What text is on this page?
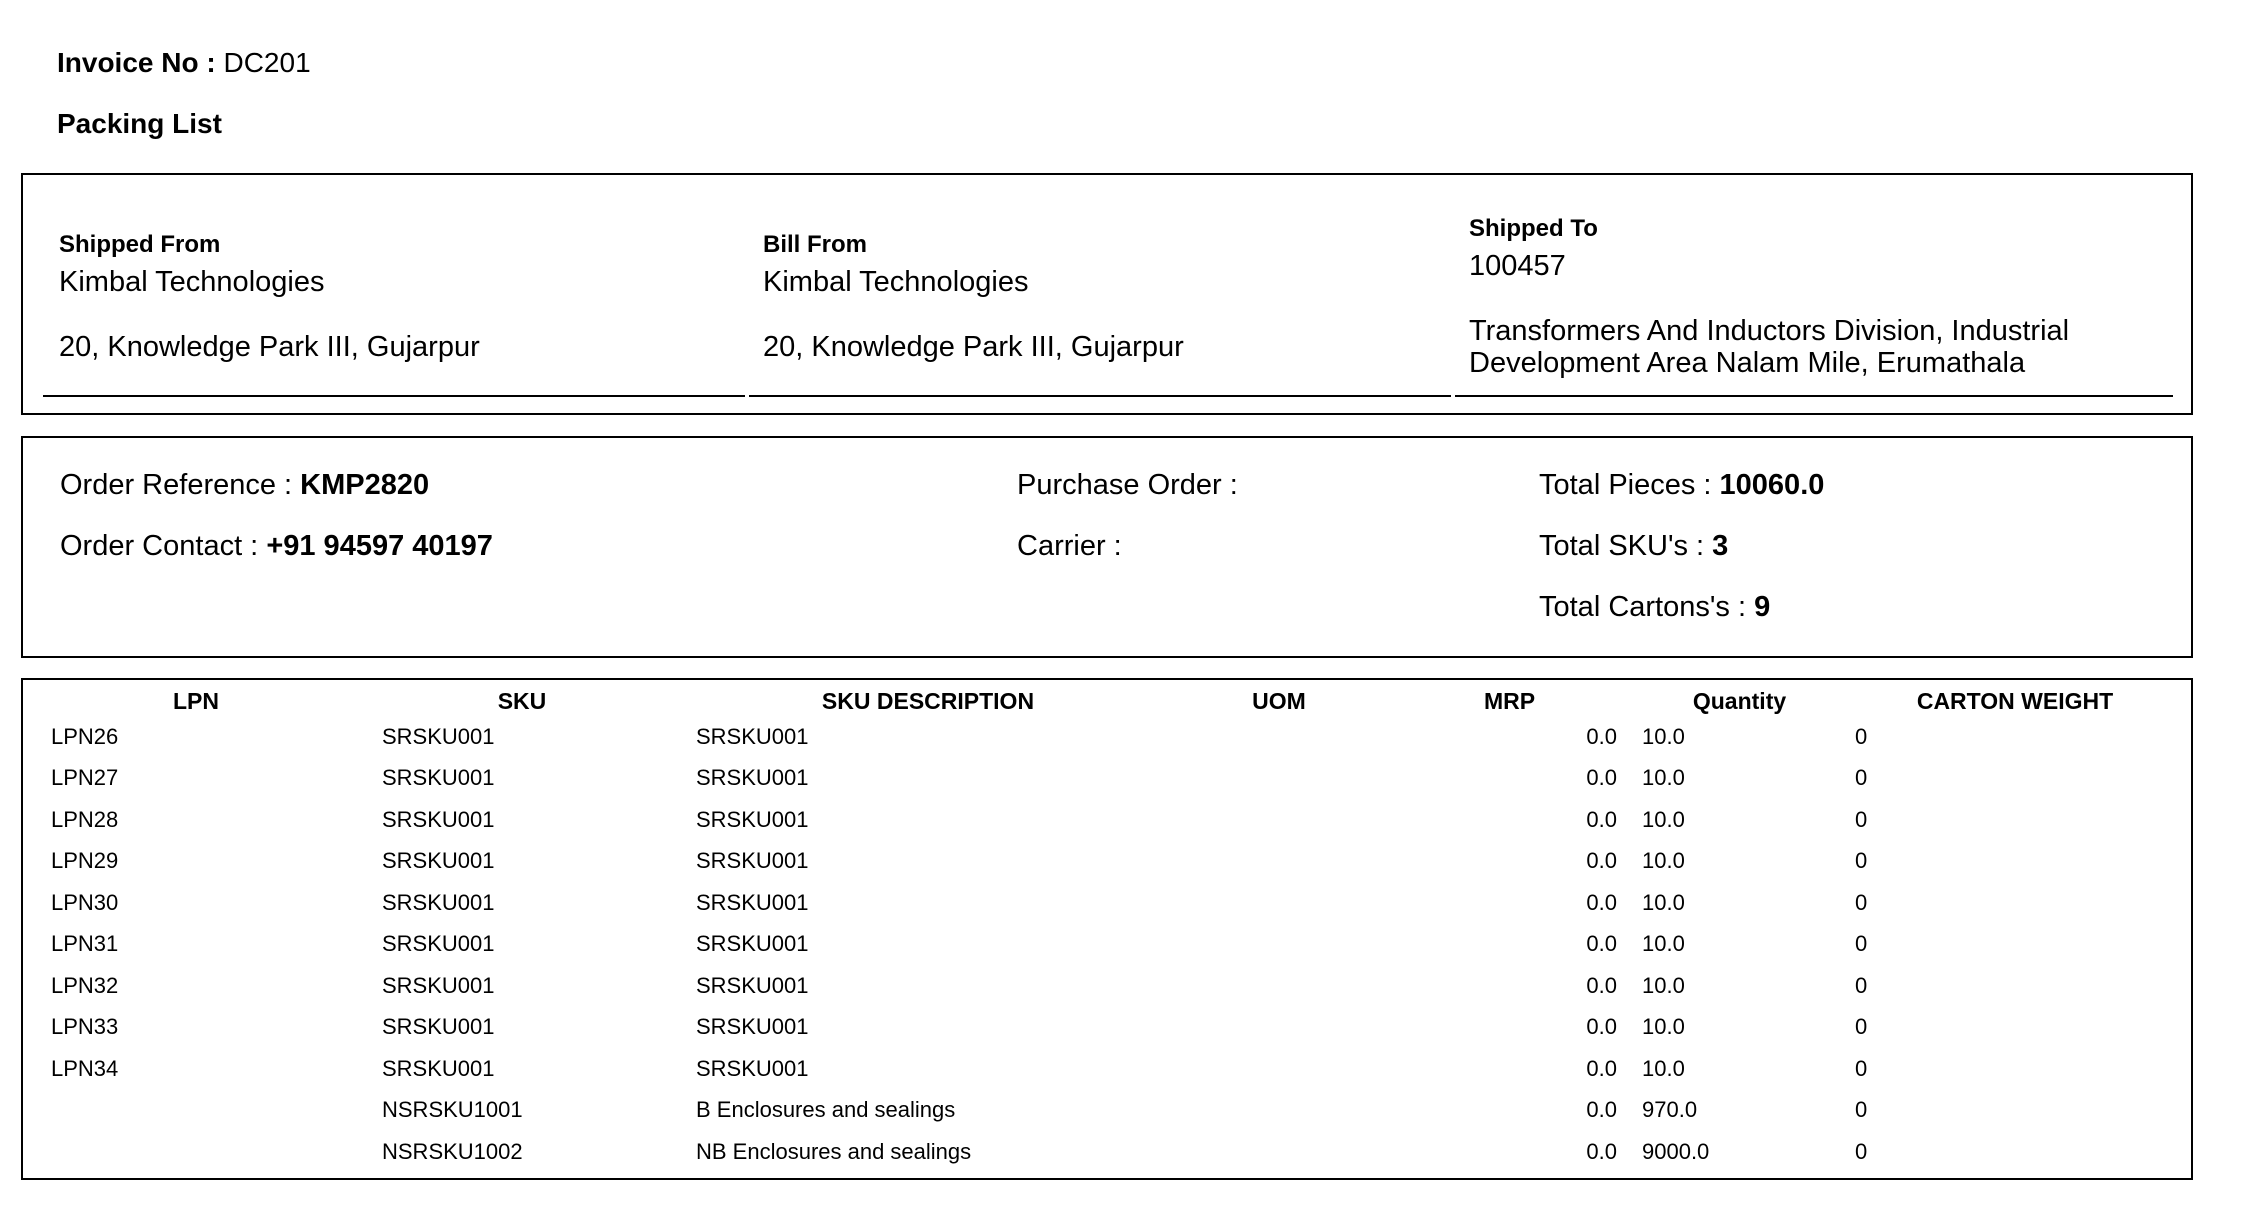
Invoice No : DC201
Packing List
Shipped From
Kimbal Technologies
20, Knowledge Park III, Gujarpur
Bill From
Kimbal Technologies
20, Knowledge Park III, Gujarpur
Shipped To
100457
Transformers And Inductors Division, Industrial Development Area Nalam Mile, Erumathala
Order Reference : KMP2820
Order Contact : +91 94597 40197
Purchase Order :
Carrier :
Total Pieces : 10060.0
Total SKU's : 3
Total Cartons's : 9
LPN	SKU	SKU DESCRIPTION	UOM	MRP	Quantity	CARTON WEIGHT
LPN26	SRSKU001	SRSKU001		0.0	10.0	0
LPN27	SRSKU001	SRSKU001		0.0	10.0	0
LPN28	SRSKU001	SRSKU001		0.0	10.0	0
LPN29	SRSKU001	SRSKU001		0.0	10.0	0
LPN30	SRSKU001	SRSKU001		0.0	10.0	0
LPN31	SRSKU001	SRSKU001		0.0	10.0	0
LPN32	SRSKU001	SRSKU001		0.0	10.0	0
LPN33	SRSKU001	SRSKU001		0.0	10.0	0
LPN34	SRSKU001	SRSKU001		0.0	10.0	0
	NSRSKU1001	B Enclosures and sealings		0.0	970.0	0
	NSRSKU1002	NB Enclosures and sealings		0.0	9000.0	0
